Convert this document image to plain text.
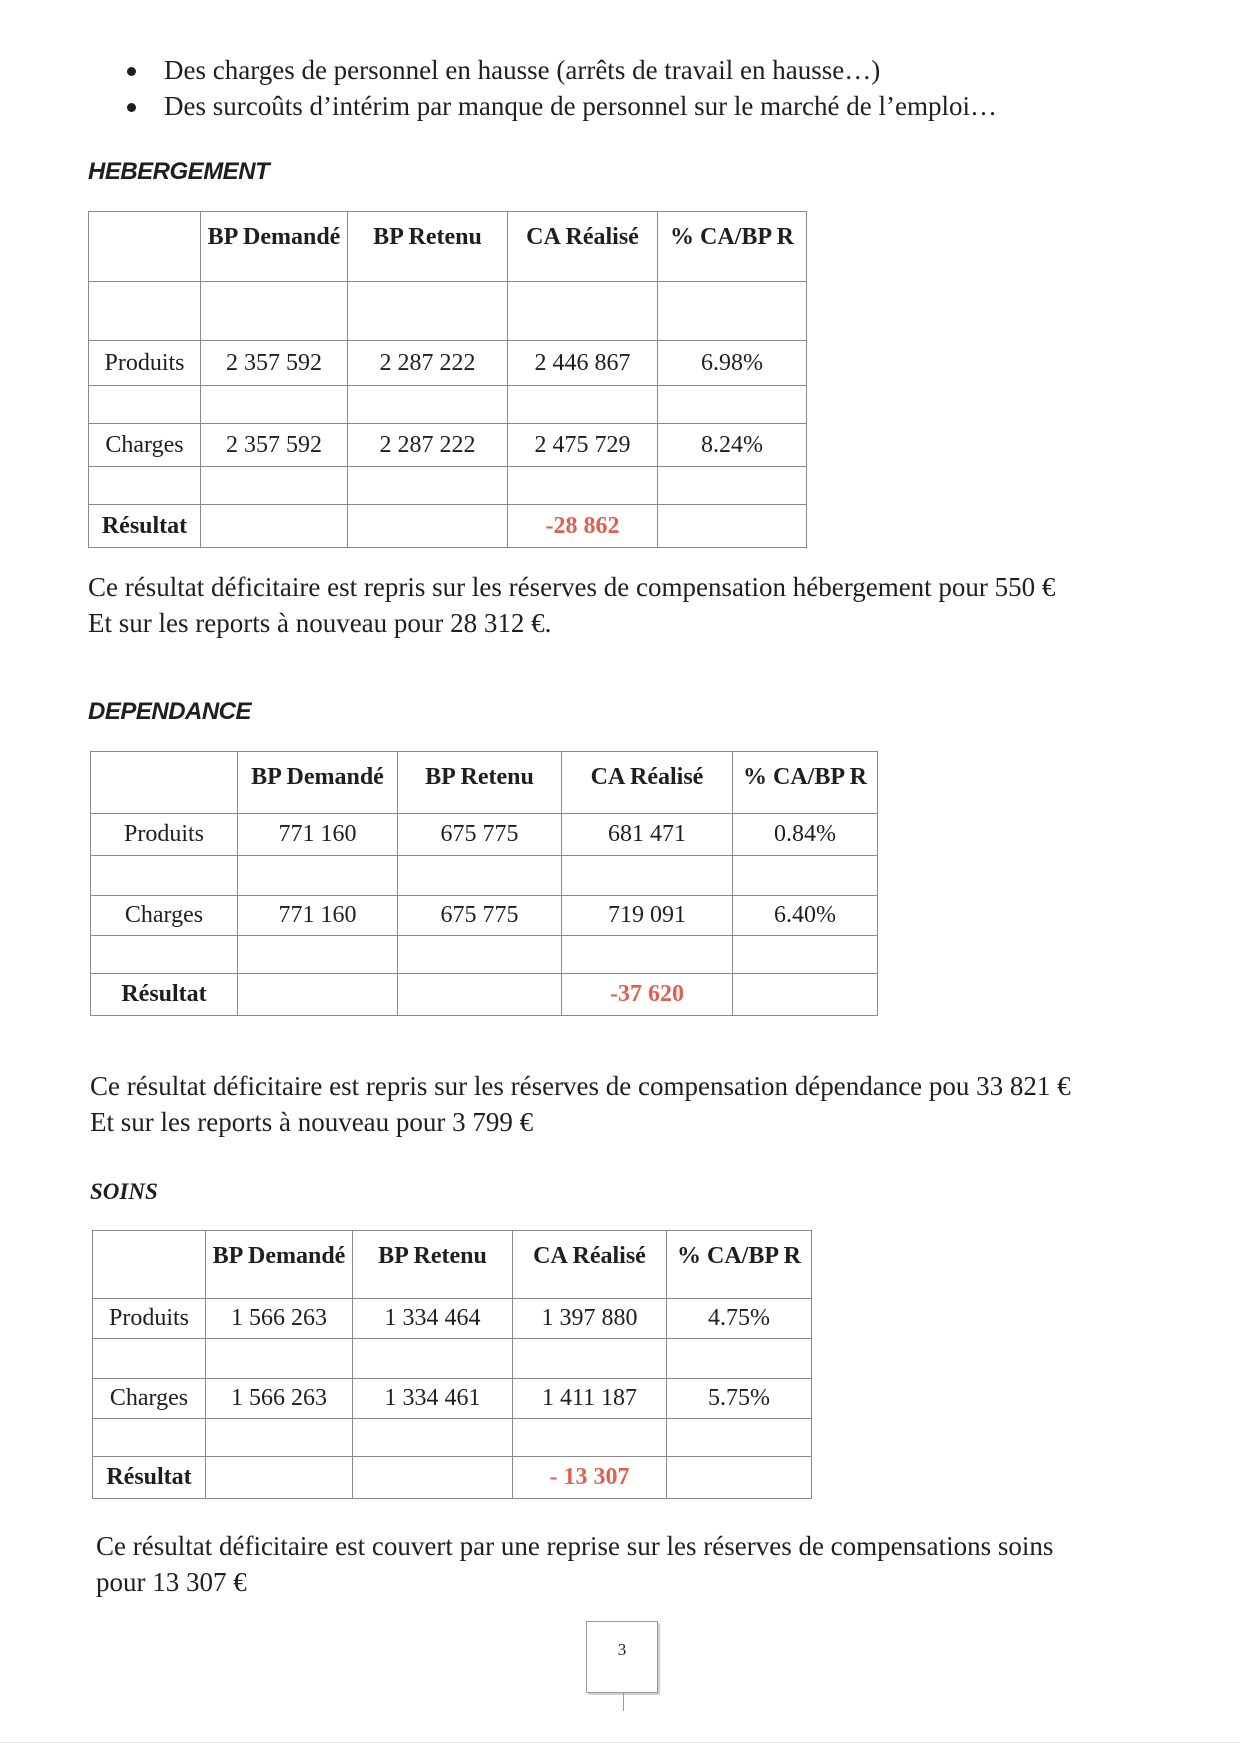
Des charges de personnel en hausse (arrêts de travail en hausse…)
Des surcoûts d’intérim par manque de personnel sur le marché de l’emploi…
HEBERGEMENT
	BP Demandé	BP Retenu	CA Réalisé	% CA/BP R

Produits	2 357 592	2 287 222	2 446 867	6.98%

Charges	2 357 592	2 287 222	2 475 729	8.24%

Résultat			-28 862	

Ce résultat déficitaire est repris sur les réserves de compensation hébergement pour 550 €
Et sur les reports à nouveau pour 28 312 €.

DEPENDANCE
	BP Demandé	BP Retenu	CA Réalisé	% CA/BP R
Produits	771 160	675 775	681 471	0.84%

Charges	771 160	675 775	719 091	6.40%

Résultat			-37 620	

Ce résultat déficitaire est repris sur les réserves de compensation dépendance pou 33 821 €
Et sur les reports à nouveau pour 3 799 €

SOINS
	BP Demandé	BP Retenu	CA Réalisé	% CA/BP R
Produits	1 566 263	1 334 464	1 397 880	4.75%

Charges	1 566 263	1 334 461	1 411 187	5.75%

Résultat			- 13 307	

Ce résultat déficitaire est couvert par une reprise sur les réserves de compensations soins
pour 13 307 €

3
